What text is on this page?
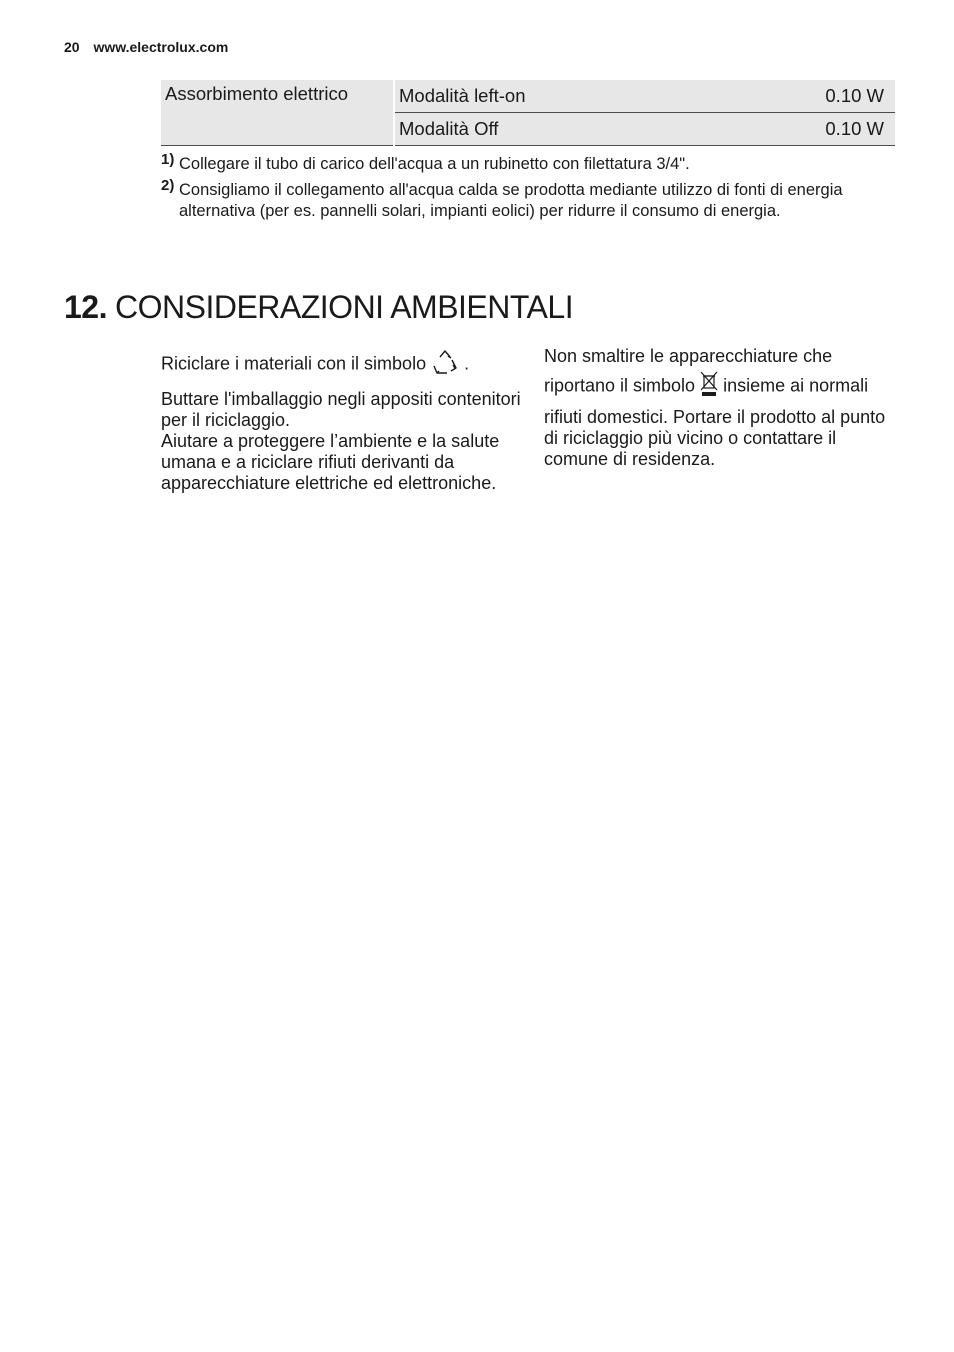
20 www.electrolux.com
Assorbimento elettrico	Modalità left-on	0.10 W
	Modalità Off	0.10 W
1) Collegare il tubo di carico dell'acqua a un rubinetto con filettatura 3/4".
2) Consigliamo il collegamento all'acqua calda se prodotta mediante utilizzo di fonti di energia alternativa (per es. pannelli solari, impianti eolici) per ridurre il consumo di energia.
12. CONSIDERAZIONI AMBIENTALI

Riciclare i materiali con il simbolo .

Buttare l'imballaggio negli appositi contenitori per il riciclaggio.

Aiutare a proteggere l’ambiente e la salute umana e a riciclare rifiuti derivanti da apparecchiature elettriche ed elettroniche.

Non smaltire le apparecchiature che

riportano il simbolo insieme ai normali

rifiuti domestici. Portare il prodotto al punto di riciclaggio più vicino o contattare il comune di residenza.
